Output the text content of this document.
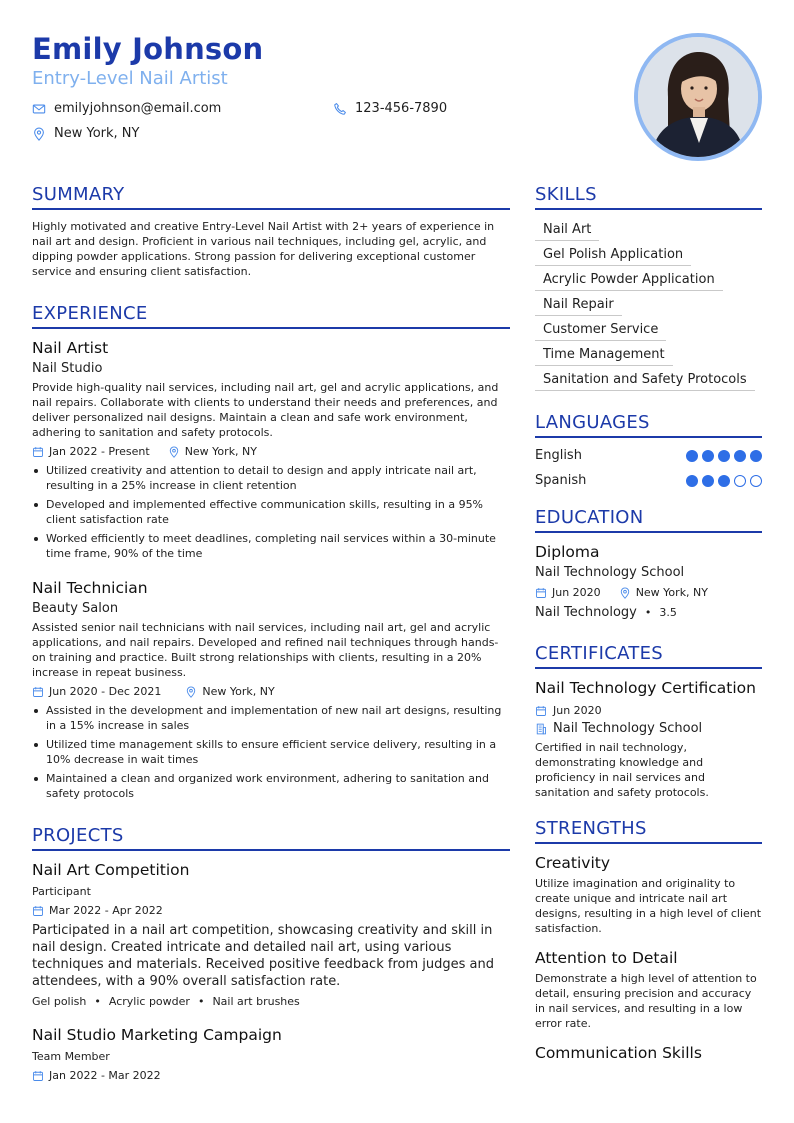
Emily Johnson
Entry-Level Nail Artist
emilyjohnson@email.com	123-456-7890
New York, NY
SUMMARY
Highly motivated and creative Entry-Level Nail Artist with 2+ years of experience in nail art and design. Proficient in various nail techniques, including gel, acrylic, and dipping powder applications. Strong passion for delivering exceptional customer service and ensuring client satisfaction.
EXPERIENCE
Nail Artist
Nail Studio
Provide high-quality nail services, including nail art, gel and acrylic applications, and nail repairs. Collaborate with clients to understand their needs and preferences, and deliver personalized nail designs. Maintain a clean and safe work environment, adhering to sanitation and safety protocols.
Jan 2022 - Present	New York, NY
Utilized creativity and attention to detail to design and apply intricate nail art, resulting in a 25% increase in client retention
Developed and implemented effective communication skills, resulting in a 95% client satisfaction rate
Worked efficiently to meet deadlines, completing nail services within a 30-minute time frame, 90% of the time
Nail Technician
Beauty Salon
Assisted senior nail technicians with nail services, including nail art, gel and acrylic applications, and nail repairs. Developed and refined nail techniques through hands-on training and practice. Built strong relationships with clients, resulting in a 20% increase in repeat business.
Jun 2020 - Dec 2021	New York, NY
Assisted in the development and implementation of new nail art designs, resulting in a 15% increase in sales
Utilized time management skills to ensure efficient service delivery, resulting in a 10% decrease in wait times
Maintained a clean and organized work environment, adhering to sanitation and safety protocols
PROJECTS
Nail Art Competition
Participant
Mar 2022 - Apr 2022
Participated in a nail art competition, showcasing creativity and skill in nail design. Created intricate and detailed nail art, using various techniques and materials. Received positive feedback from judges and attendees, with a 90% overall satisfaction rate.
Gel polish • Acrylic powder • Nail art brushes
Nail Studio Marketing Campaign
Team Member
Jan 2022 - Mar 2022
SKILLS
Nail Art
Gel Polish Application
Acrylic Powder Application
Nail Repair
Customer Service
Time Management
Sanitation and Safety Protocols
LANGUAGES
English
Spanish
EDUCATION
Diploma
Nail Technology School
Jun 2020	New York, NY
Nail Technology • 3.5
CERTIFICATES
Nail Technology Certification
Jun 2020
Nail Technology School
Certified in nail technology, demonstrating knowledge and proficiency in nail services and sanitation and safety protocols.
STRENGTHS
Creativity
Utilize imagination and originality to create unique and intricate nail art designs, resulting in a high level of client satisfaction.
Attention to Detail
Demonstrate a high level of attention to detail, ensuring precision and accuracy in nail services, and resulting in a low error rate.
Communication Skills
